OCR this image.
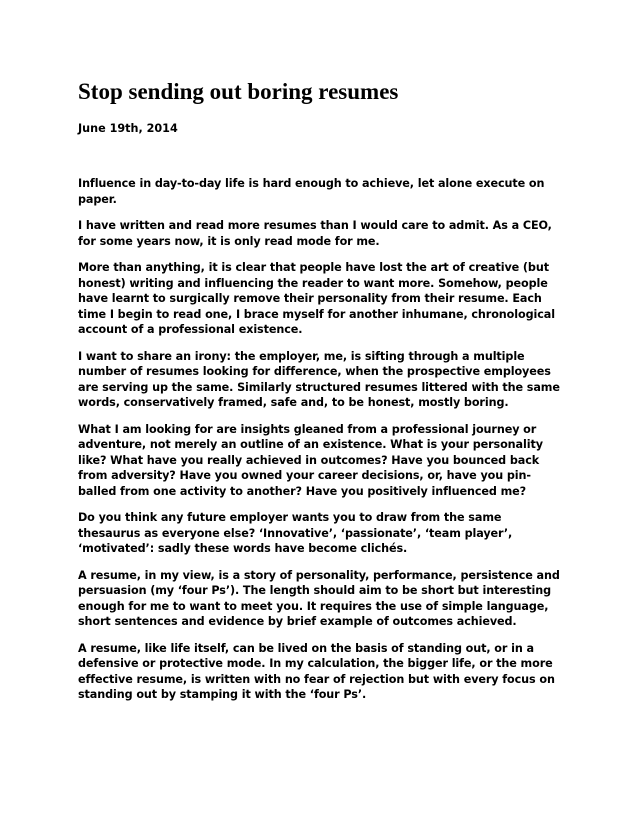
Stop sending out boring resumes
June 19th, 2014

Influence in day-to-day life is hard enough to achieve, let alone execute on
paper.

I have written and read more resumes than I would care to admit. As a CEO,
for some years now, it is only read mode for me.

More than anything, it is clear that people have lost the art of creative (but
honest) writing and influencing the reader to want more. Somehow, people
have learnt to surgically remove their personality from their resume. Each
time I begin to read one, I brace myself for another inhumane, chronological
account of a professional existence.

I want to share an irony: the employer, me, is sifting through a multiple
number of resumes looking for difference, when the prospective employees
are serving up the same. Similarly structured resumes littered with the same
words, conservatively framed, safe and, to be honest, mostly boring.

What I am looking for are insights gleaned from a professional journey or
adventure, not merely an outline of an existence. What is your personality
like? What have you really achieved in outcomes? Have you bounced back
from adversity? Have you owned your career decisions, or, have you pin-
balled from one activity to another? Have you positively influenced me?

Do you think any future employer wants you to draw from the same
thesaurus as everyone else? ‘Innovative’, ‘passionate’, ‘team player’,
‘motivated’: sadly these words have become clichés.

A resume, in my view, is a story of personality, performance, persistence and
persuasion (my ‘four Ps’). The length should aim to be short but interesting
enough for me to want to meet you. It requires the use of simple language,
short sentences and evidence by brief example of outcomes achieved.

A resume, like life itself, can be lived on the basis of standing out, or in a
defensive or protective mode. In my calculation, the bigger life, or the more
effective resume, is written with no fear of rejection but with every focus on
standing out by stamping it with the ‘four Ps’.
